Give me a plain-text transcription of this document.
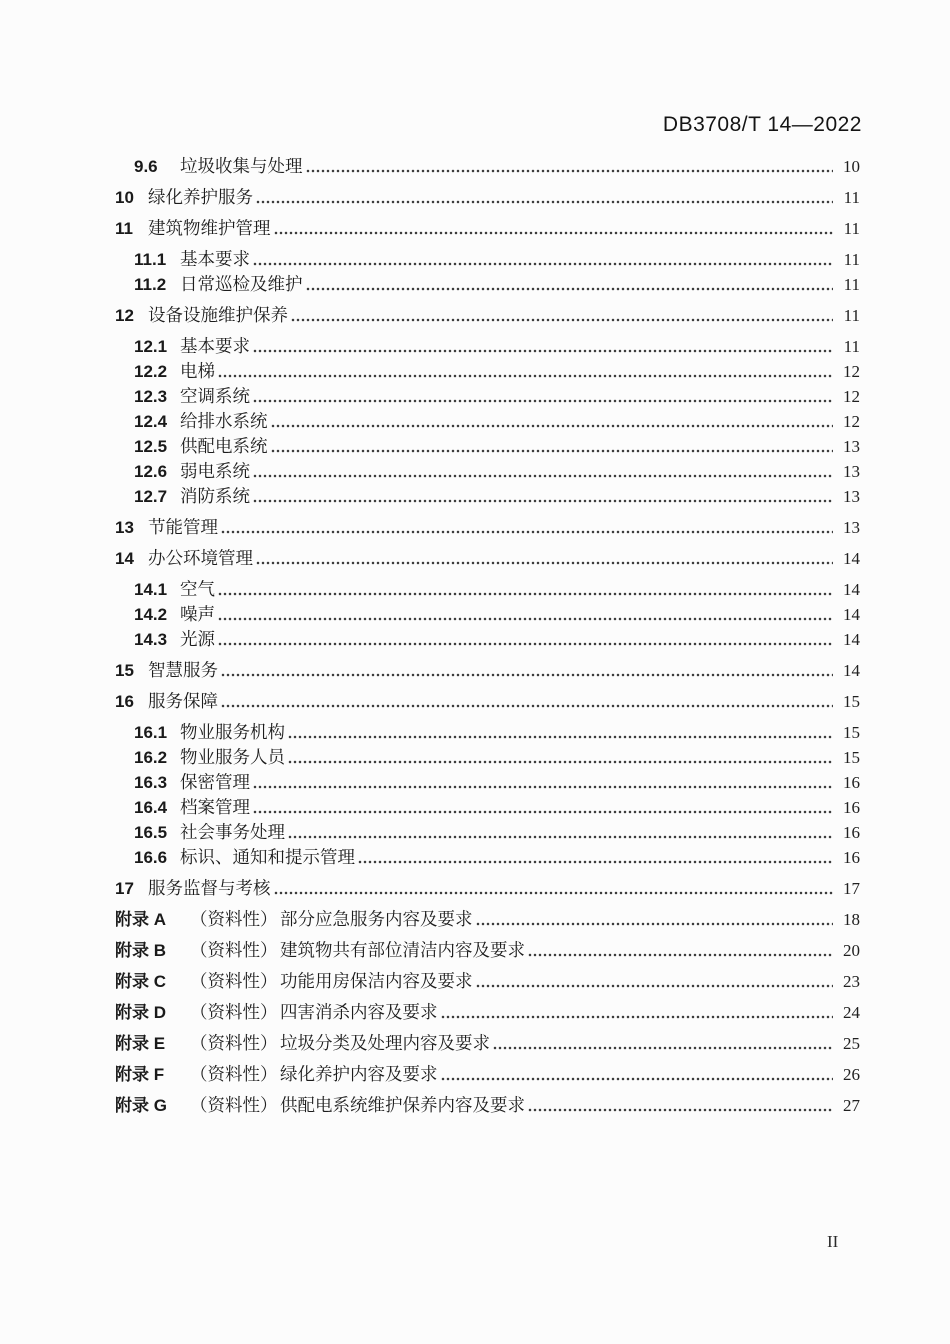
DB3708/T 14—2022
9.6	垃圾收集与处理	10
10 绿化养护服务	11
11 建筑物维护管理	11
11.1 基本要求	11
11.2 日常巡检及维护	11
12 设备设施维护保养	11
12.1 基本要求	11
12.2 电梯	12
12.3 空调系统	12
12.4 给排水系统	12
12.5 供配电系统	13
12.6 弱电系统	13
12.7 消防系统	13
13 节能管理	13
14 办公环境管理	14
14.1 空气	14
14.2 噪声	14
14.3 光源	14
15 智慧服务	14
16 服务保障	15
16.1 物业服务机构	15
16.2 物业服务人员	15
16.3 保密管理	16
16.4 档案管理	16
16.5 社会事务处理	16
16.6 标识、通知和提示管理	16
17 服务监督与考核	17
附录 A	（资料性） 部分应急服务内容及要求	18
附录 B	（资料性） 建筑物共有部位清洁内容及要求	20
附录 C	（资料性） 功能用房保洁内容及要求	23
附录 D	（资料性） 四害消杀内容及要求	24
附录 E	（资料性） 垃圾分类及处理内容及要求	25
附录 F	（资料性） 绿化养护内容及要求	26
附录 G	（资料性） 供配电系统维护保养内容及要求	27
II
